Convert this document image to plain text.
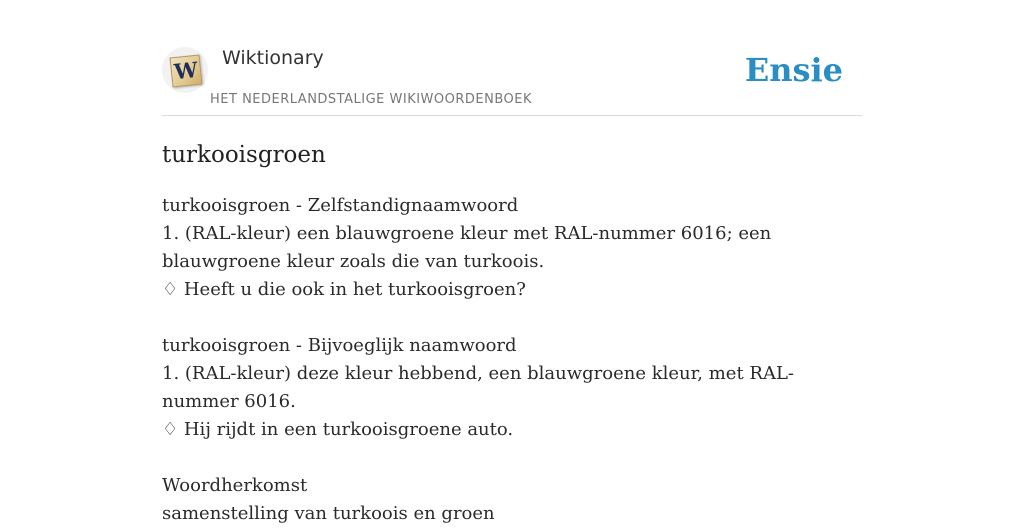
W Wiktionary
HET NEDERLANDSTALIGE WIKIWOORDENBOEK
Ensie
turkooisgroen
turkooisgroen - Zelfstandignaamwoord
1. (RAL-kleur) een blauwgroene kleur met RAL-nummer 6016; een blauwgroene kleur zoals die van turkoois.
♢ Heeft u die ook in het turkooisgroen?
turkooisgroen - Bijvoeglijk naamwoord
1. (RAL-kleur) deze kleur hebbend, een blauwgroene kleur, met RAL-nummer 6016.
♢ Hij rijdt in een turkooisgroene auto.
Woordherkomst
samenstelling van turkoois en groen
